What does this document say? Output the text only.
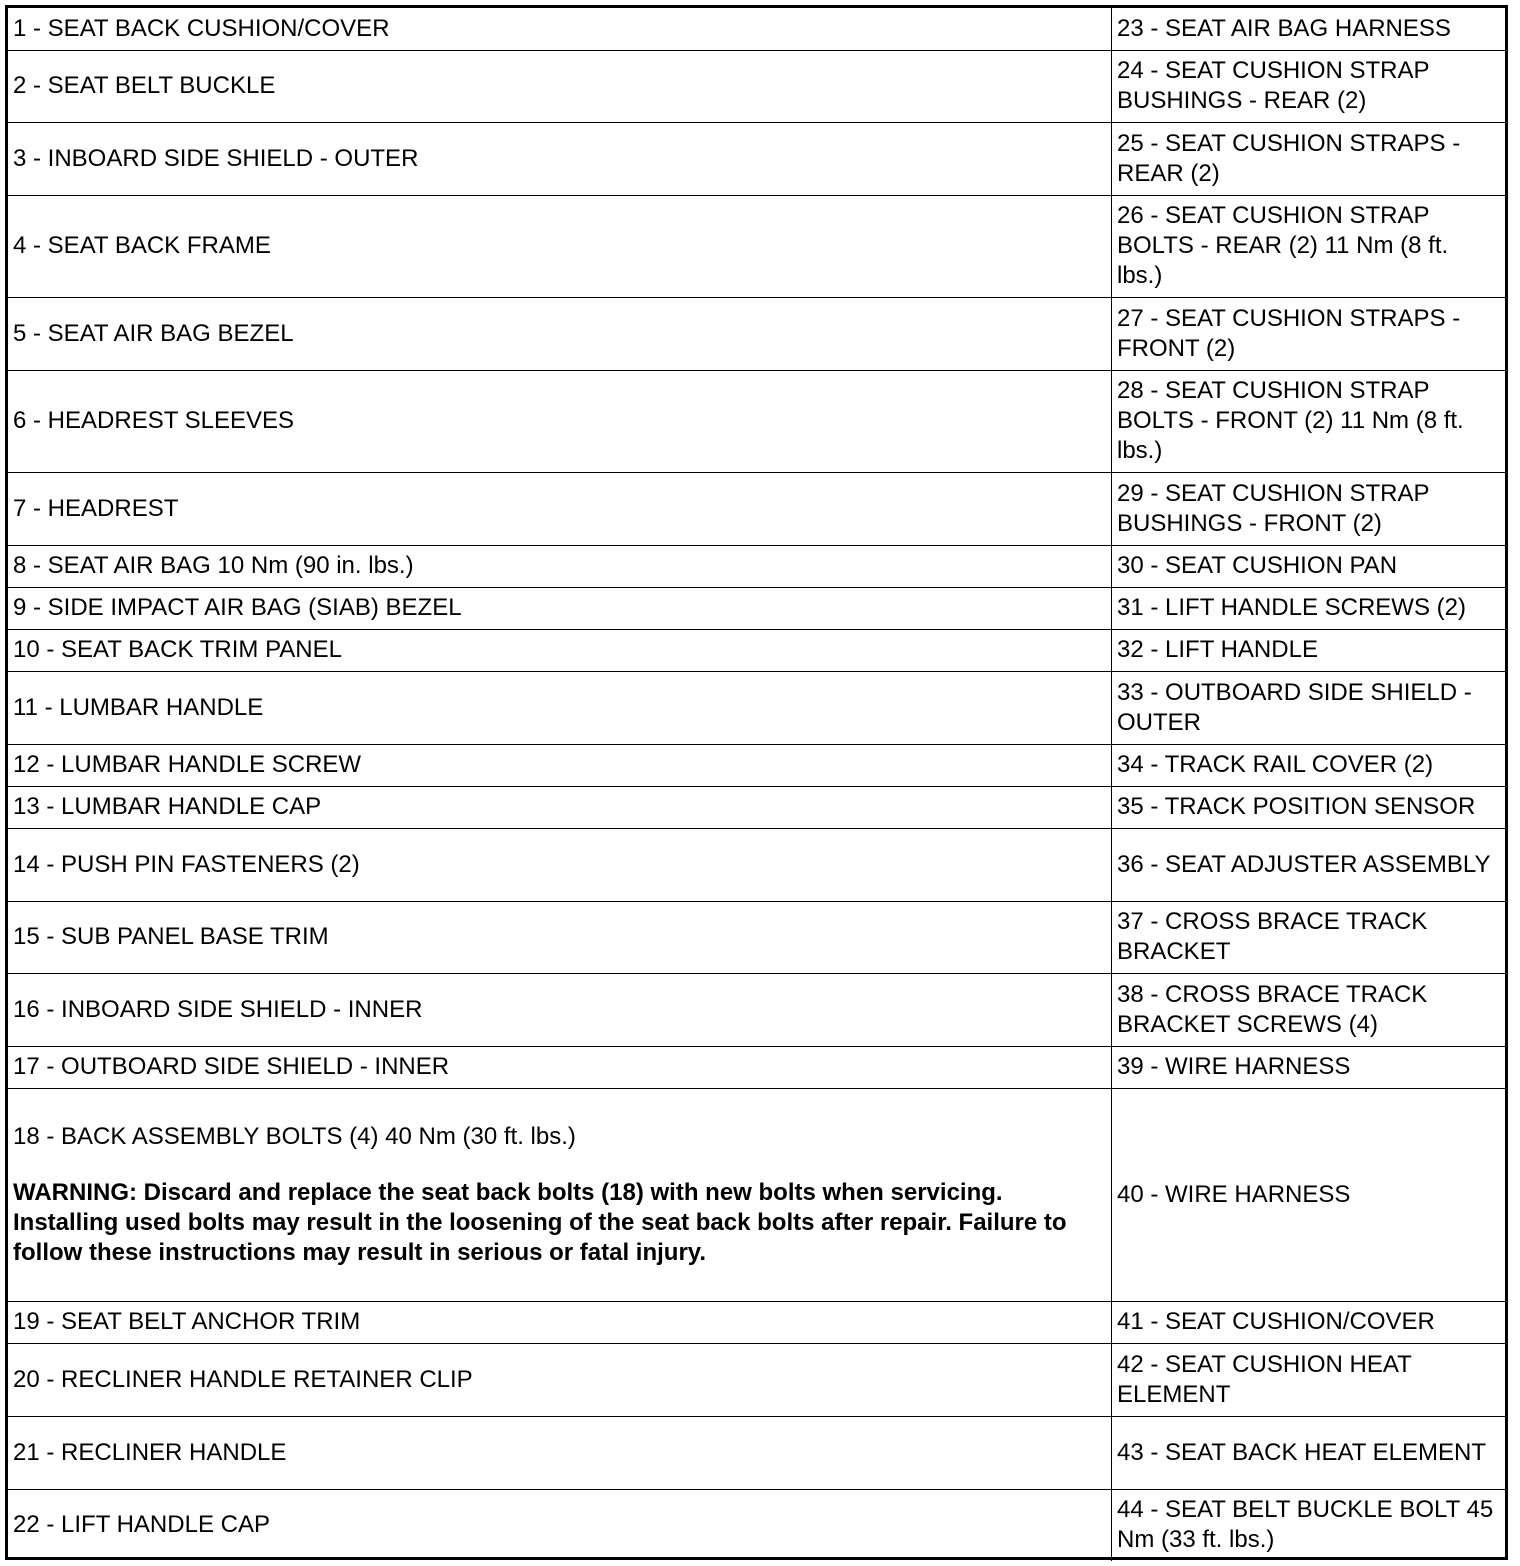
1 - SEAT BACK CUSHION/COVER	23 - SEAT AIR BAG HARNESS
2 - SEAT BELT BUCKLE	24 - SEAT CUSHION STRAP BUSHINGS - REAR (2)
3 - INBOARD SIDE SHIELD - OUTER	25 - SEAT CUSHION STRAPS - REAR (2)
4 - SEAT BACK FRAME	26 - SEAT CUSHION STRAP BOLTS - REAR (2) 11 Nm (8 ft. lbs.)
5 - SEAT AIR BAG BEZEL	27 - SEAT CUSHION STRAPS - FRONT (2)
6 - HEADREST SLEEVES	28 - SEAT CUSHION STRAP BOLTS - FRONT (2) 11 Nm (8 ft. lbs.)
7 - HEADREST	29 - SEAT CUSHION STRAP BUSHINGS - FRONT (2)
8 - SEAT AIR BAG 10 Nm (90 in. lbs.)	30 - SEAT CUSHION PAN
9 - SIDE IMPACT AIR BAG (SIAB) BEZEL	31 - LIFT HANDLE SCREWS (2)
10 - SEAT BACK TRIM PANEL	32 - LIFT HANDLE
11 - LUMBAR HANDLE	33 - OUTBOARD SIDE SHIELD - OUTER
12 - LUMBAR HANDLE SCREW	34 - TRACK RAIL COVER (2)
13 - LUMBAR HANDLE CAP	35 - TRACK POSITION SENSOR
14 - PUSH PIN FASTENERS (2)	36 - SEAT ADJUSTER ASSEMBLY
15 - SUB PANEL BASE TRIM	37 - CROSS BRACE TRACK BRACKET
16 - INBOARD SIDE SHIELD - INNER	38 - CROSS BRACE TRACK BRACKET SCREWS (4)
17 - OUTBOARD SIDE SHIELD - INNER	39 - WIRE HARNESS

18 - BACK ASSEMBLY BOLTS (4) 40 Nm (30 ft. lbs.)
WARNING: Discard and replace the seat back bolts (18) with new bolts when servicing. Installing used bolts may result in the loosening of the seat back bolts after repair. Failure to follow these instructions may result in serious or fatal injury.	40 - WIRE HARNESS
19 - SEAT BELT ANCHOR TRIM	41 - SEAT CUSHION/COVER
20 - RECLINER HANDLE RETAINER CLIP	42 - SEAT CUSHION HEAT ELEMENT
21 - RECLINER HANDLE	43 - SEAT BACK HEAT ELEMENT
22 - LIFT HANDLE CAP	44 - SEAT BELT BUCKLE BOLT 45 Nm (33 ft. lbs.)
